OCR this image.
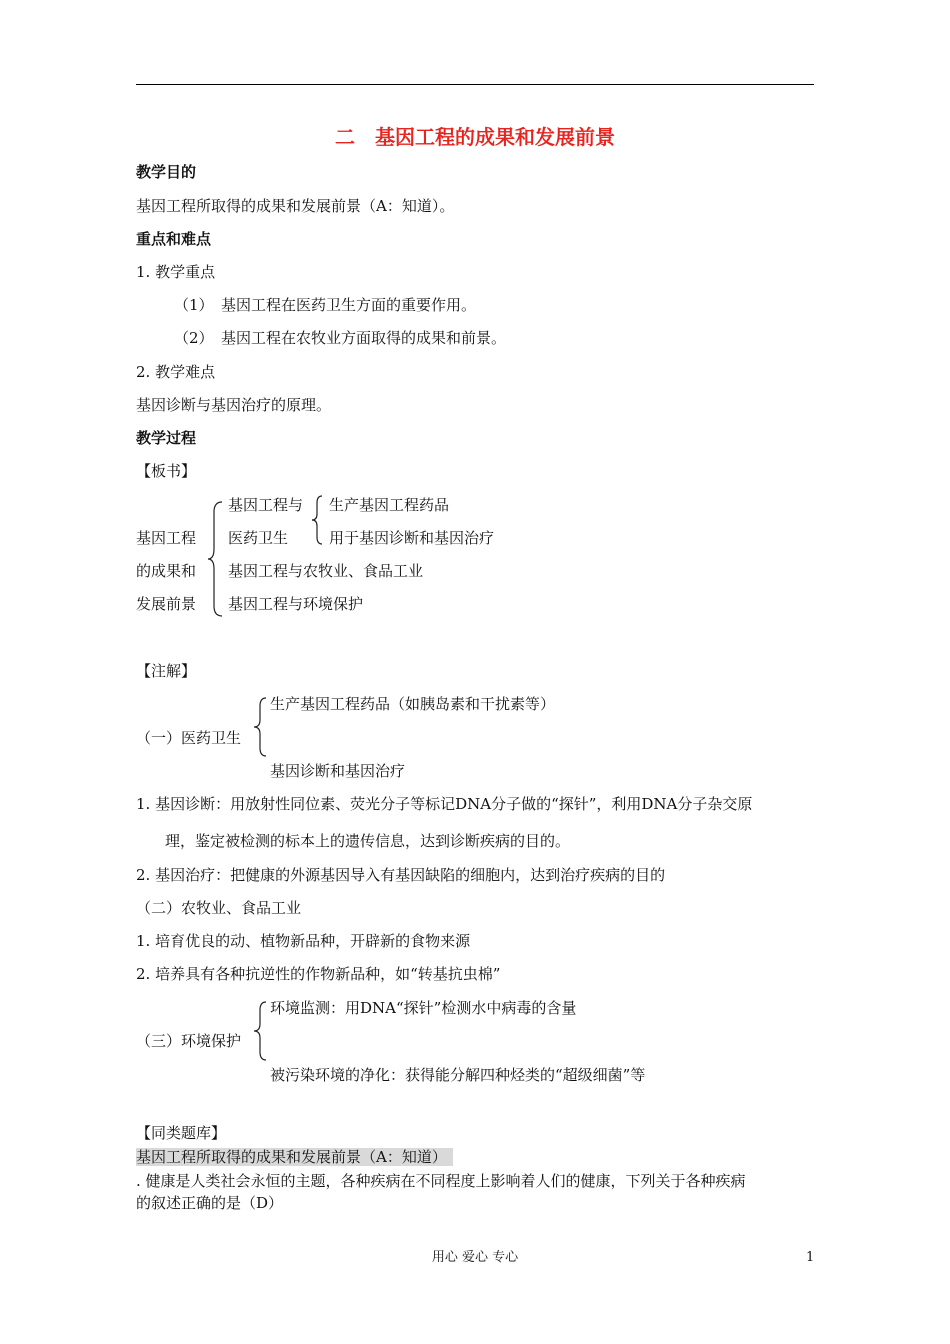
二　基因工程的成果和发展前景
教学目的
基因工程所取得的成果和发展前景（A：知道）。
重点和难点
1. 教学重点
（1）　基因工程在医药卫生方面的重要作用。
（2）　基因工程在农牧业方面取得的成果和前景。
2. 教学难点
基因诊断与基因治疗的原理。
教学过程
【板书】
基因工程
的成果和
发展前景
基因工程与
医药卫生
生产基因工程药品
用于基因诊断和基因治疗
基因工程与农牧业、食品工业
基因工程与环境保护
【注解】
生产基因工程药品（如胰岛素和干扰素等）
（一）医药卫生
基因诊断和基因治疗
1. 基因诊断：用放射性同位素、荧光分子等标记DNA分子做的“探针”，利用DNA分子杂交原
理，鉴定被检测的标本上的遗传信息，达到诊断疾病的目的。
2. 基因治疗：把健康的外源基因导入有基因缺陷的细胞内，达到治疗疾病的目的
（二）农牧业、食品工业
1. 培育优良的动、植物新品种，开辟新的食物来源
2. 培养具有各种抗逆性的作物新品种，如“转基抗虫棉”
环境监测：用DNA“探针”检测水中病毒的含量
（三）环境保护
被污染环境的净化：获得能分解四种烃类的“超级细菌”等
【同类题库】
基因工程所取得的成果和发展前景（A：知道）
. 健康是人类社会永恒的主题，各种疾病在不同程度上影响着人们的健康，下列关于各种疾病
的叙述正确的是（D）
用心 爱心 专心	1
